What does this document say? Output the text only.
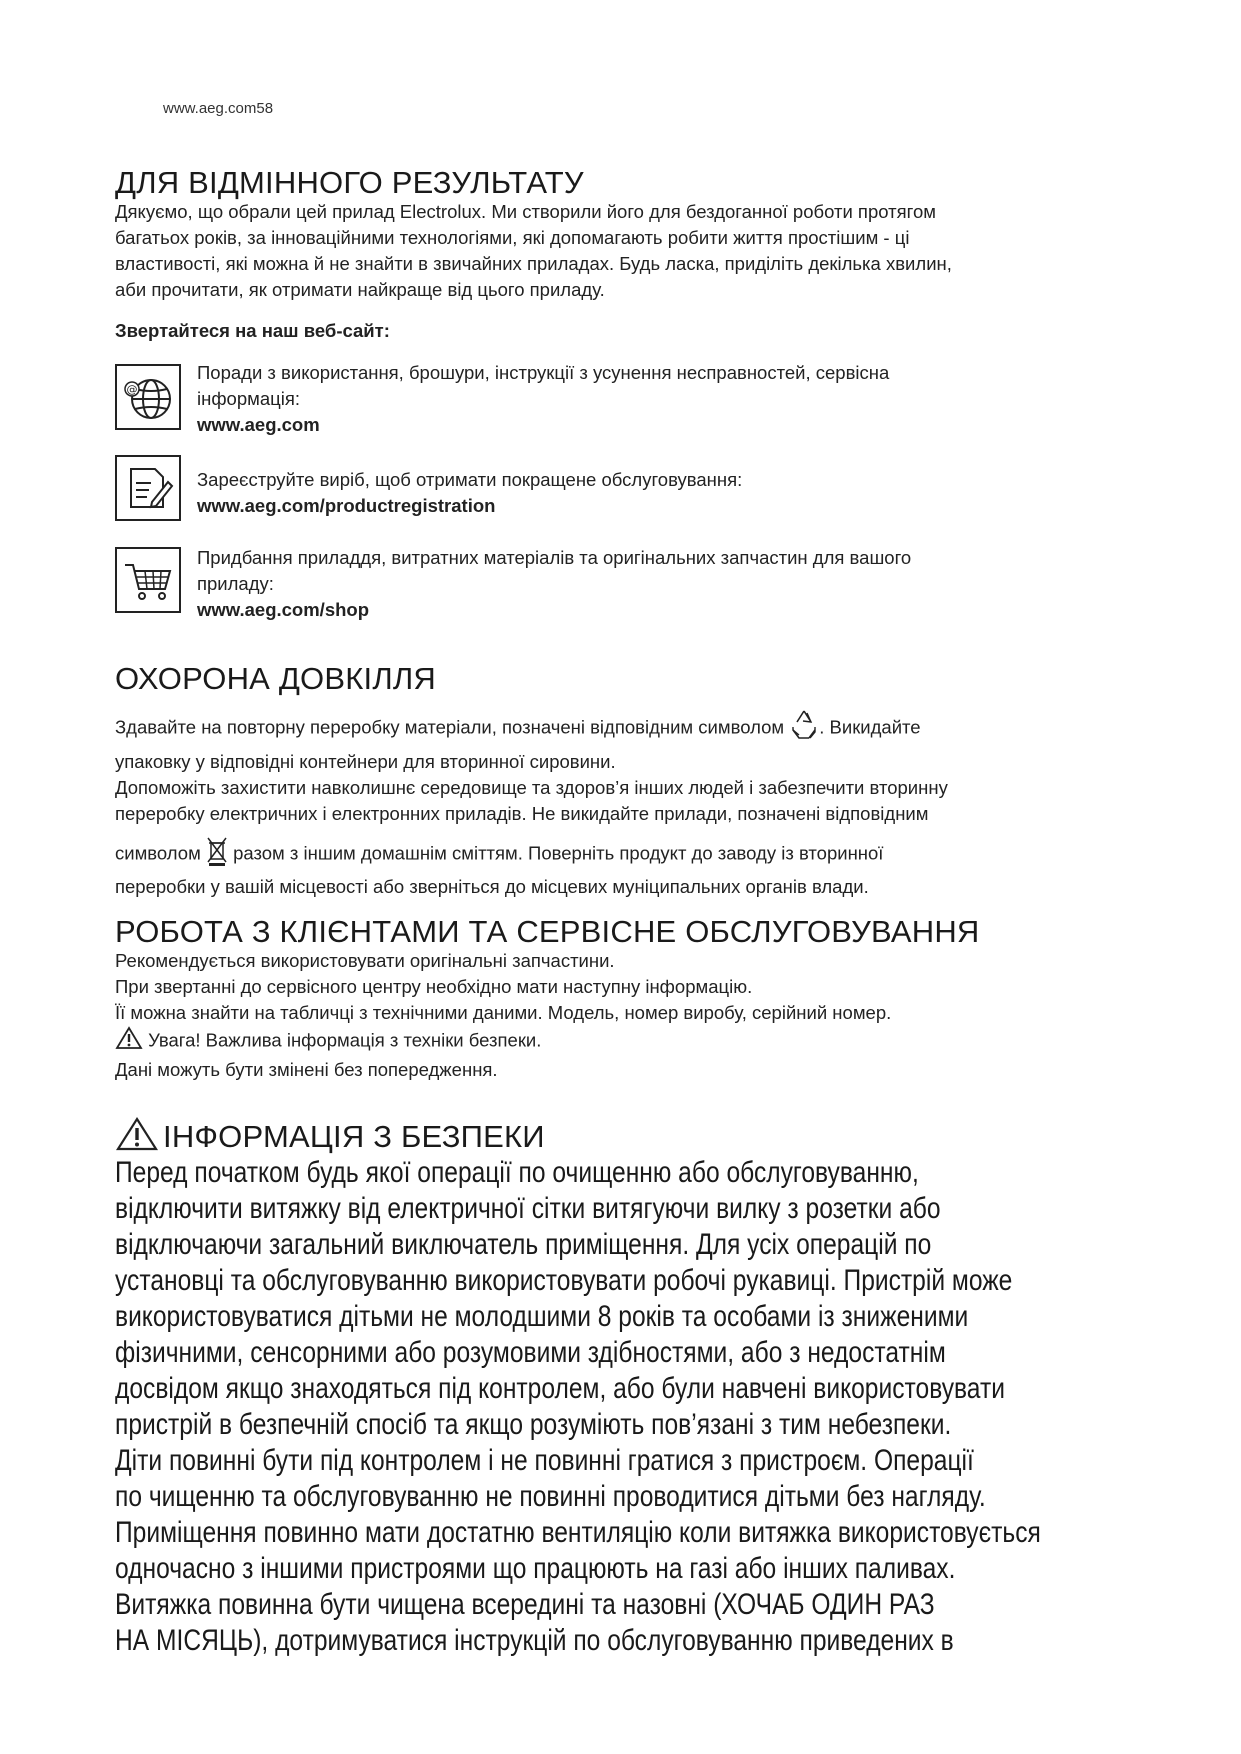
www.aeg.com58
ДЛЯ ВІДМІННОГО РЕЗУЛЬТАТУ
Дякуємо, що обрали цей прилад Electrolux. Ми створили його для бездоганної роботи протягом
багатьох років, за інноваційними технологіями, які допомагають робити життя простішим - ці
властивості, які можна й не знайти в звичайних приладах. Будь ласка, приділіть декілька хвилин,
аби прочитати, як отримати найкраще від цього приладу.
Звертайтеся на наш веб-сайт:
@
Поради з використання, брошури, інструкції з усунення несправностей, сервісна
інформація:
www.aeg.com
Зареєструйте виріб, щоб отримати покращене обслуговування:
www.aeg.com/productregistration
Придбання приладдя, витратних матеріалів та оригінальних запчастин для вашого
приладу:
www.aeg.com/shop
ОХОРОНА ДОВКІЛЛЯ
Здавайте на повторну переробку матеріали, позначені відповідним символом . Викидайте
упаковку у відповідні контейнери для вторинної сировини.
Допоможіть захистити навколишнє середовище та здоров’я інших людей і забезпечити вторинну
переробку електричних і електронних приладів. Не викидайте прилади, позначені відповідним
символом  разом з іншим домашнім сміттям. Поверніть продукт до заводу із вторинної
переробки у вашій місцевості або зверніться до місцевих муніципальних органів влади.
РОБОТА З КЛІЄНТАМИ ТА СЕРВІСНЕ ОБСЛУГОВУВАННЯ
Рекомендується використовувати оригінальні запчастини.
При звертанні до сервісного центру необхідно мати наступну інформацію.
Її можна знайти на табличці з технічними даними. Модель, номер виробу, серійний номер.
Увага! Важлива інформація з техніки безпеки.
Дані можуть бути змінені без попередження.
ІНФОРМАЦІЯ З БЕЗПЕКИ

Перед початком будь якої операції по очищенню або обслуговуванню,

відключити витяжку від електричної сітки витягуючи вилку з розетки або

відключаючи загальний виключатель приміщення. Для усіх операцій по

установці та обслуговуванню використовувати робочі рукавиці. Пристрій може

використовуватися дітьми не молодшими 8 років та особами із зниженими

фізичними, сенсорними або розумовими здібностями, або з недостатнім

досвідом якщо знаходяться під контролем, або були навчені використовувати

пристрій в безпечній спосіб та якщо розуміють пов’язані з тим небезпеки.

Діти повинні бути під контролем і не повинні гратися з пристроєм. Операції

по чищенню та обслуговуванню не повинні проводитися дітьми без нагляду.

Приміщення повинно мати достатню вентиляцію коли витяжка використовується

одночасно з іншими пристроями що працюють на газі або інших паливах.

Витяжка повинна бути чищена всередині та назовні (ХОЧАБ ОДИН РАЗ

НА МІСЯЦЬ), дотримуватися інструкцій по обслуговуванню приведених в
